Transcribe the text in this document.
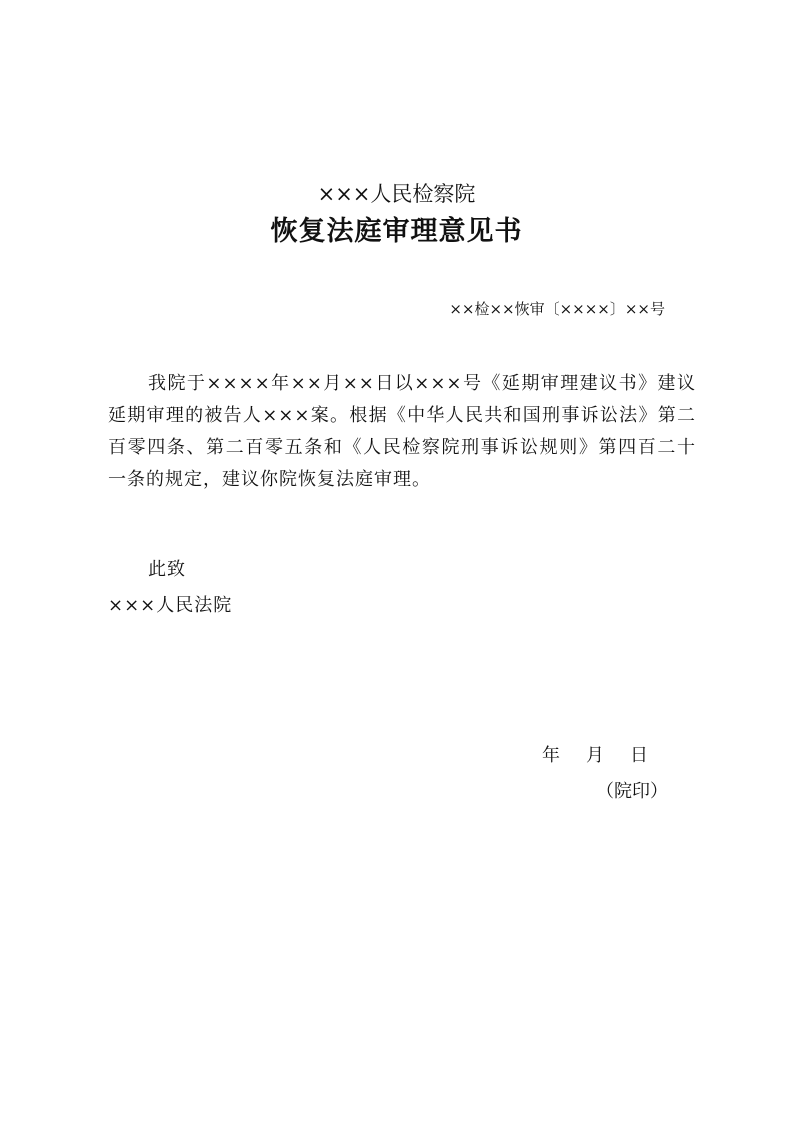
×××人民检察院
恢复法庭审理意见书
××检××恢审〔××××〕××号
我院于××××年××月××日以×××号《延期审理建议书》建议延期审理的被告人×××案。根据《中华人民共和国刑事诉讼法》第二百零四条、第二百零五条和《人民检察院刑事诉讼规则》第四百二十一条的规定，建议你院恢复法庭审理。
此致
×××人民法院
年 月 日
（院印）
